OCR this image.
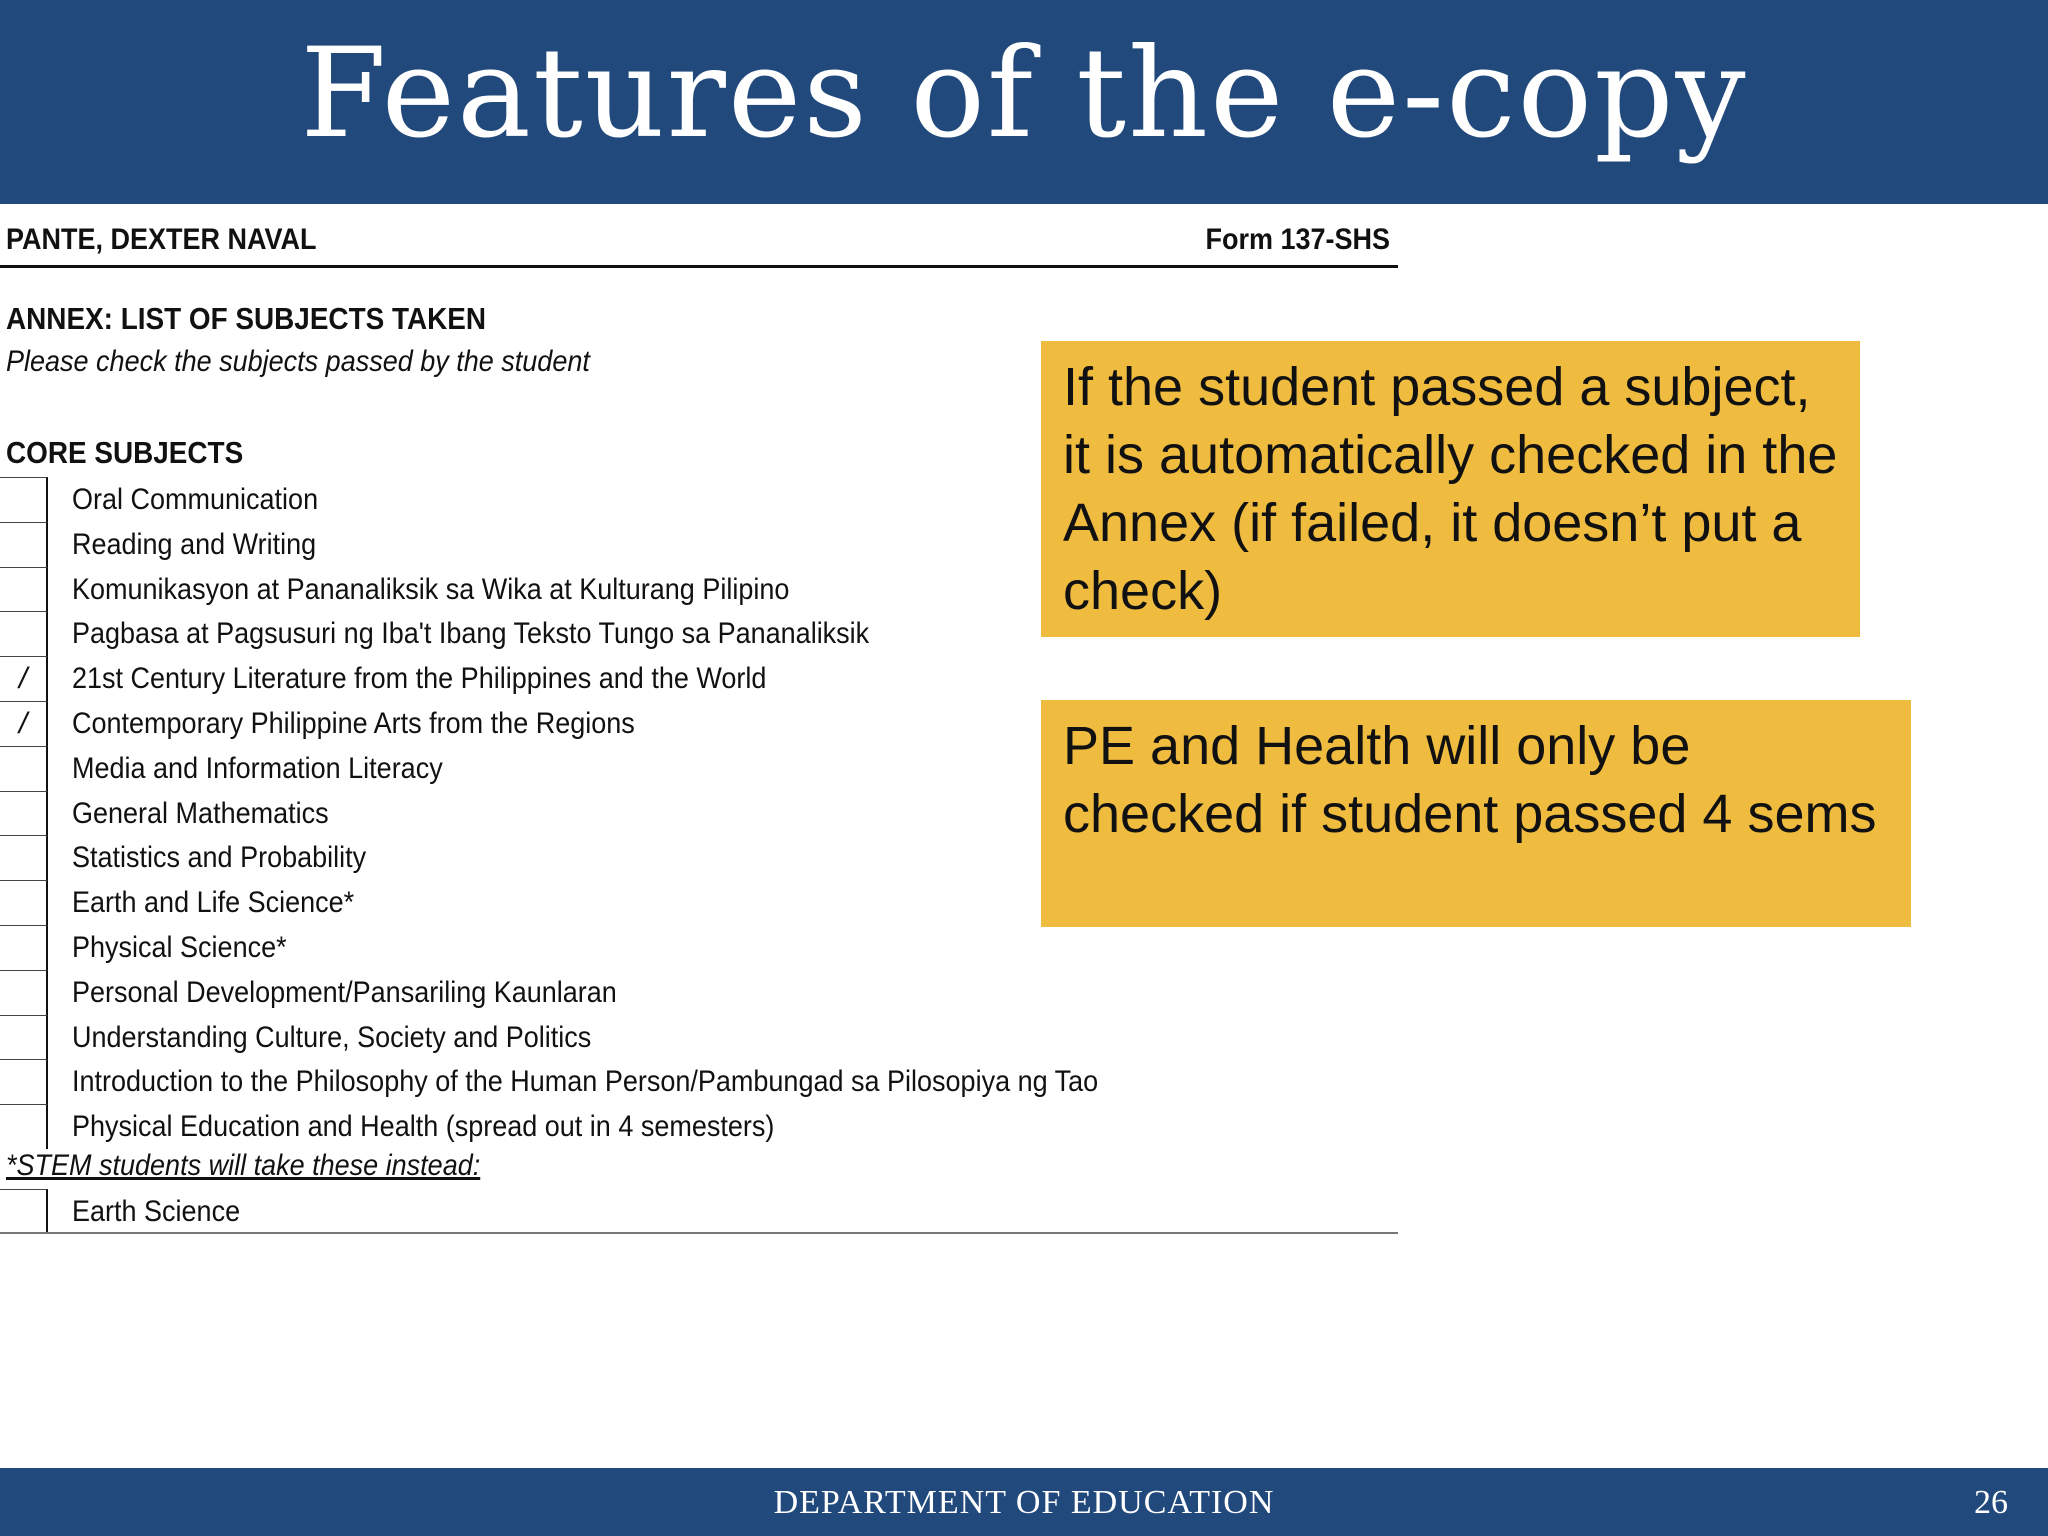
Features of the e-copy
PANTE, DEXTER NAVAL	Form 137-SHS
ANNEX: LIST OF SUBJECTS TAKEN
Please check the subjects passed by the student
CORE SUBJECTS
Oral Communication
Reading and Writing
Komunikasyon at Pananaliksik sa Wika at Kulturang Pilipino
Pagbasa at Pagsusuri ng Iba't Ibang Teksto Tungo sa Pananaliksik
/	21st Century Literature from the Philippines and the World
/	Contemporary Philippine Arts from the Regions
Media and Information Literacy
General Mathematics
Statistics and Probability
Earth and Life Science*
Physical Science*
Personal Development/Pansariling Kaunlaran
Understanding Culture, Society and Politics
Introduction to the Philosophy of the Human Person/Pambungad sa Pilosopiya ng Tao
Physical Education and Health (spread out in 4 semesters)
*STEM students will take these instead:
Earth Science
If the student passed a subject, it is automatically checked in the Annex (if failed, it doesn’t put a check)
PE and Health will only be checked if student passed 4 sems
DEPARTMENT OF EDUCATION	26
